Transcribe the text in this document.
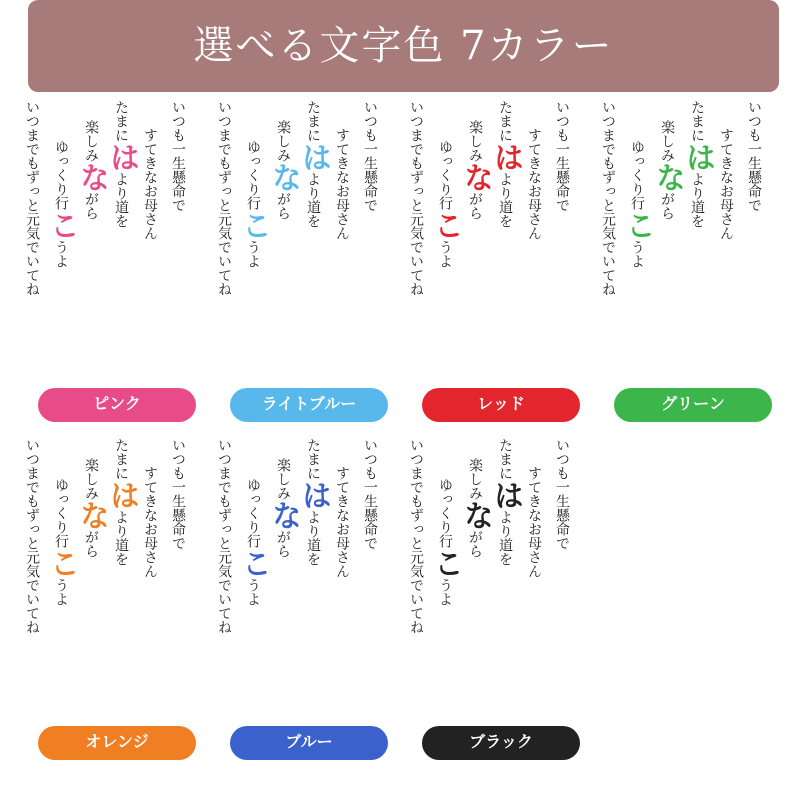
選べる文字色 7カラー
いつも一生懸命で
すてきなお母さん
たまにはより道を
楽しみながら
ゆっくり行こうよ
いつまでもずっと元気でいてね
ピンク
いつも一生懸命で
すてきなお母さん
たまにはより道を
楽しみながら
ゆっくり行こうよ
いつまでもずっと元気でいてね
ライトブルー
いつも一生懸命で
すてきなお母さん
たまにはより道を
楽しみながら
ゆっくり行こうよ
いつまでもずっと元気でいてね
レッド
いつも一生懸命で
すてきなお母さん
たまにはより道を
楽しみながら
ゆっくり行こうよ
いつまでもずっと元気でいてね
グリーン
いつも一生懸命で
すてきなお母さん
たまにはより道を
楽しみながら
ゆっくり行こうよ
いつまでもずっと元気でいてね
オレンジ
いつも一生懸命で
すてきなお母さん
たまにはより道を
楽しみながら
ゆっくり行こうよ
いつまでもずっと元気でいてね
ブルー
いつも一生懸命で
すてきなお母さん
たまにはより道を
楽しみながら
ゆっくり行こうよ
いつまでもずっと元気でいてね
ブラック
